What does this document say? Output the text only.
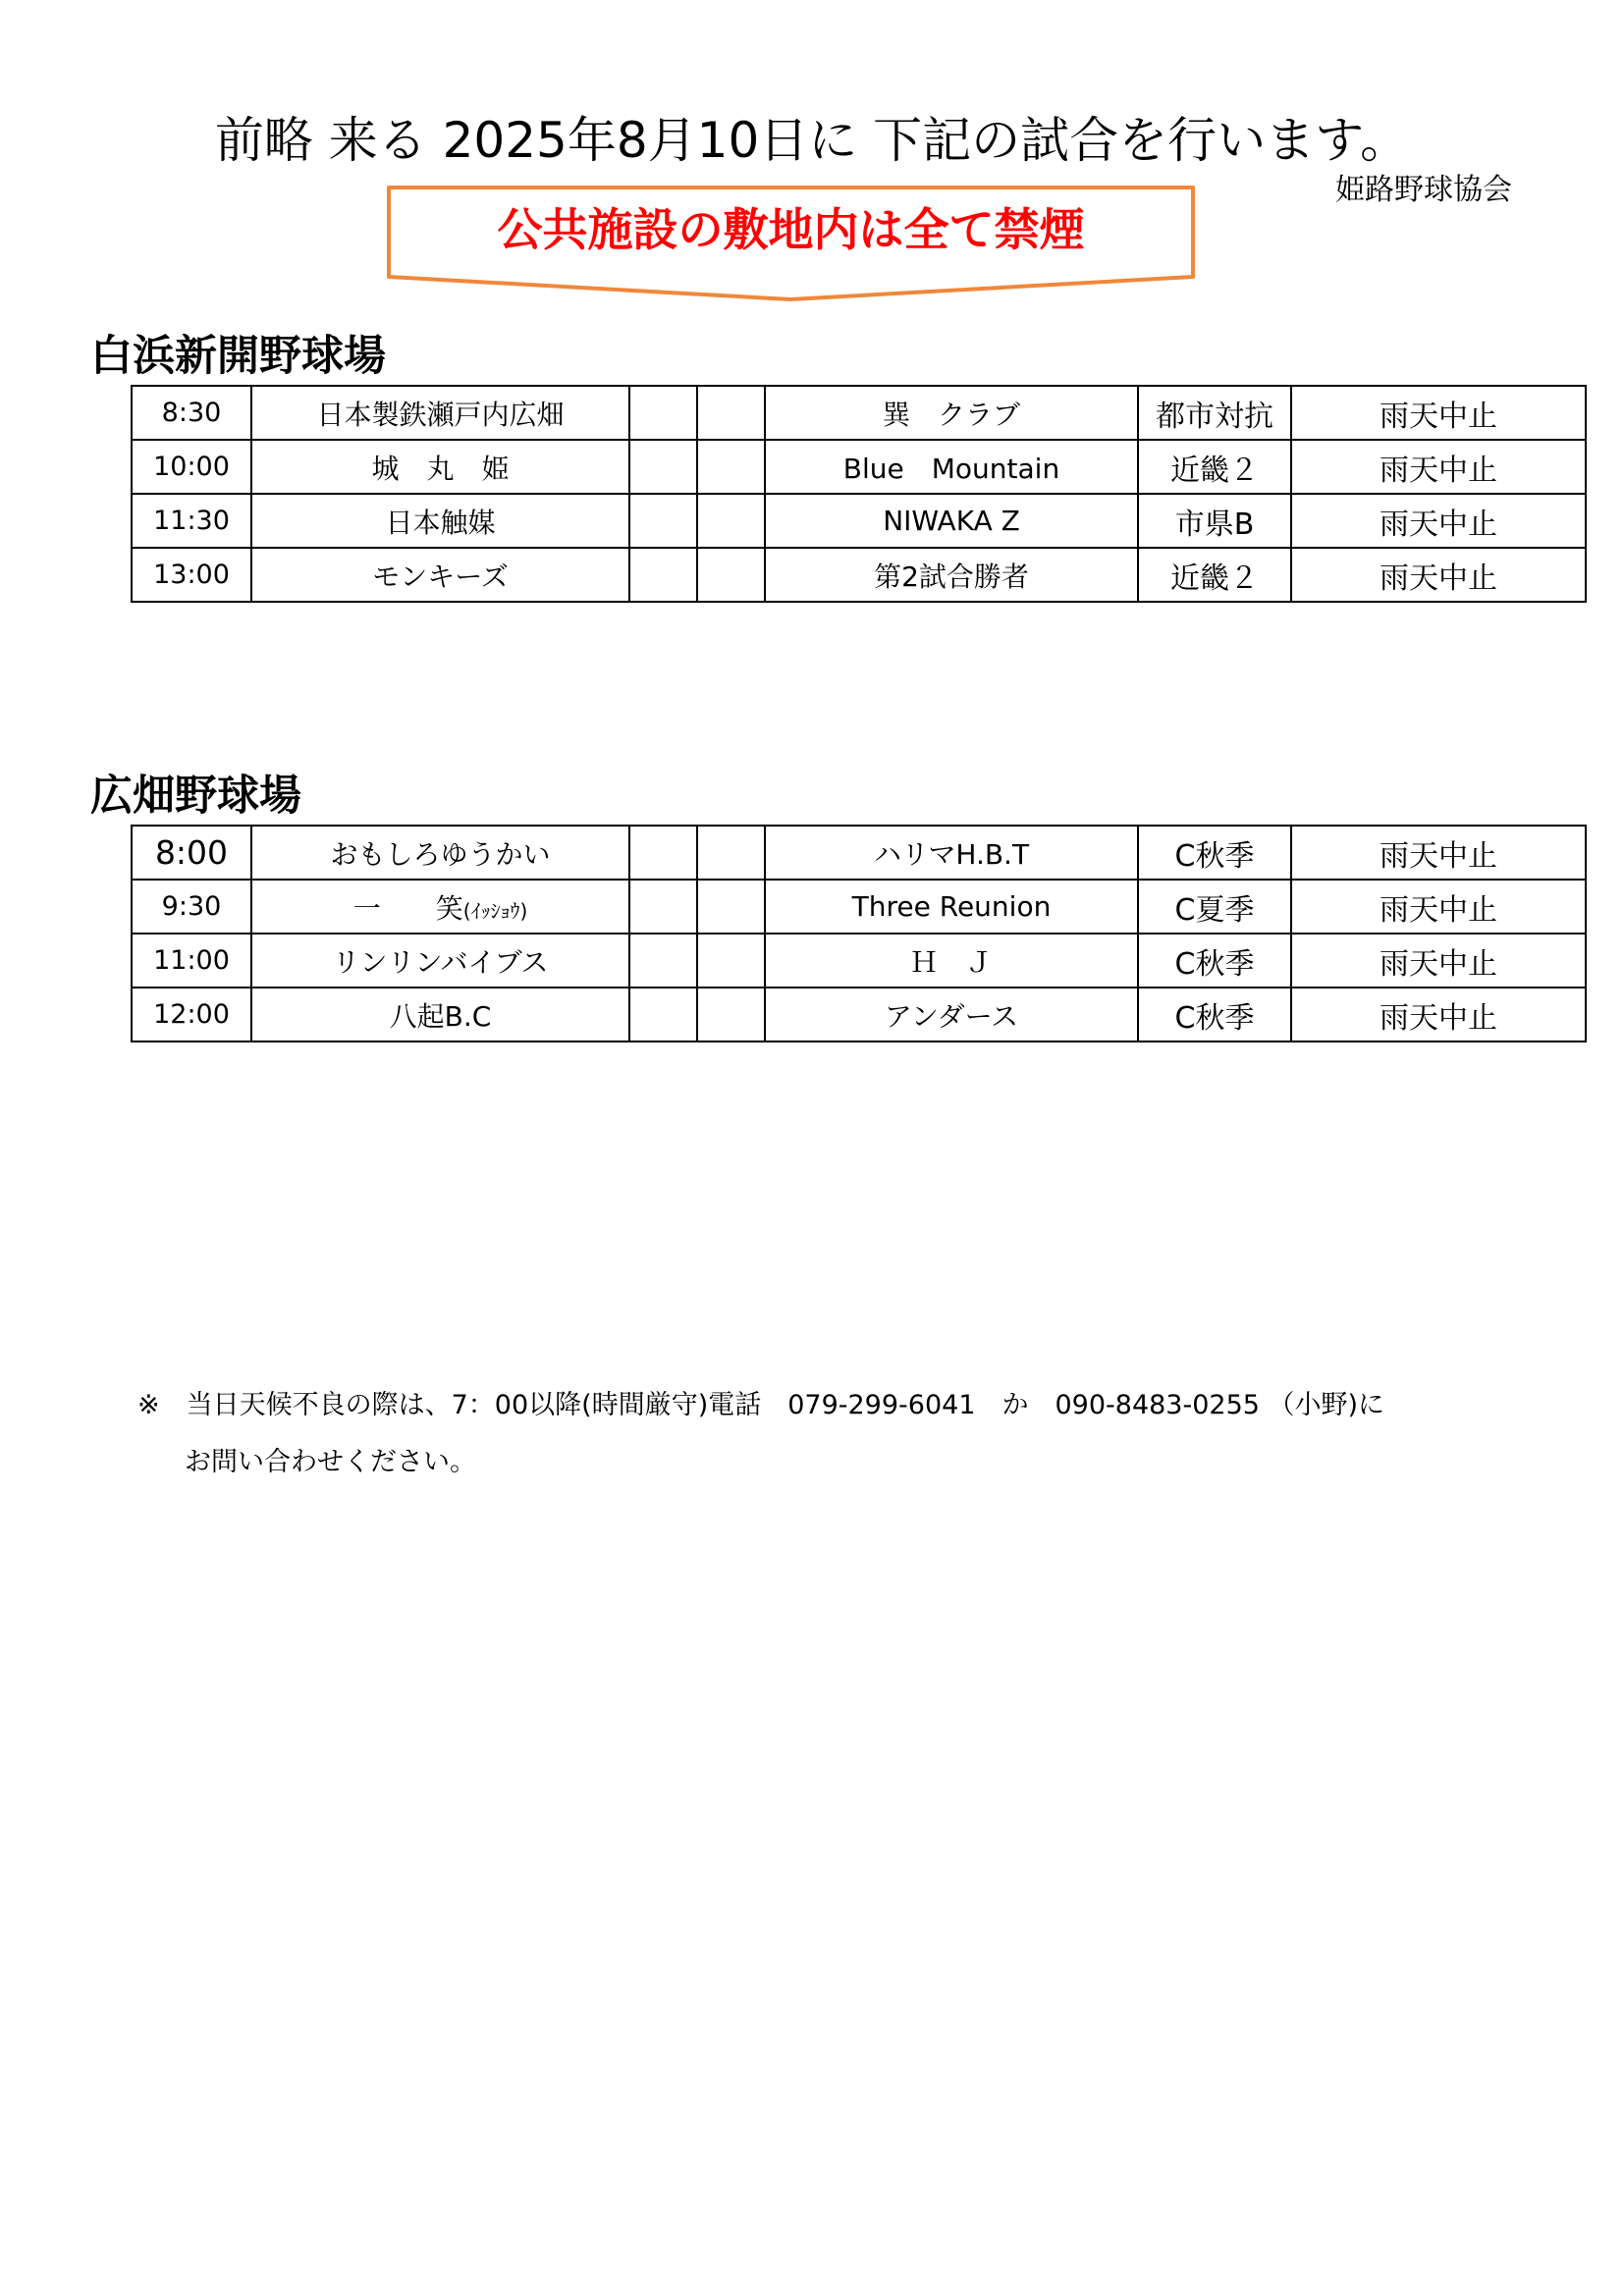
前略 来る 2025年8月10日に 下記の試合を行います。
姫路野球協会
公共施設の敷地内は全て禁煙
白浜新開野球場
8:30	日本製鉄瀬戸内広畑			巽　クラブ	都市対抗	雨天中止
10:00	城　丸　姫			Blue　Mountain	近畿２	雨天中止
11:30	日本触媒			NIWAKA Z	市県B	雨天中止
13:00	モンキーズ			第2試合勝者	近畿２	雨天中止
広畑野球場
8:00	おもしろゆうかい			ハリマH.B.T	C秋季	雨天中止
9:30	一　　笑(ｲｯｼｮｳ)			Three Reunion	C夏季	雨天中止
11:00	リンリンバイブス			Ｈ　Ｊ	C秋季	雨天中止
12:00	八起B.C			アンダース	C秋季	雨天中止
※　当日天候不良の際は、7：00以降(時間厳守)電話　079-299-6041　か　090-8483-0255 （小野)に
お問い合わせください。
